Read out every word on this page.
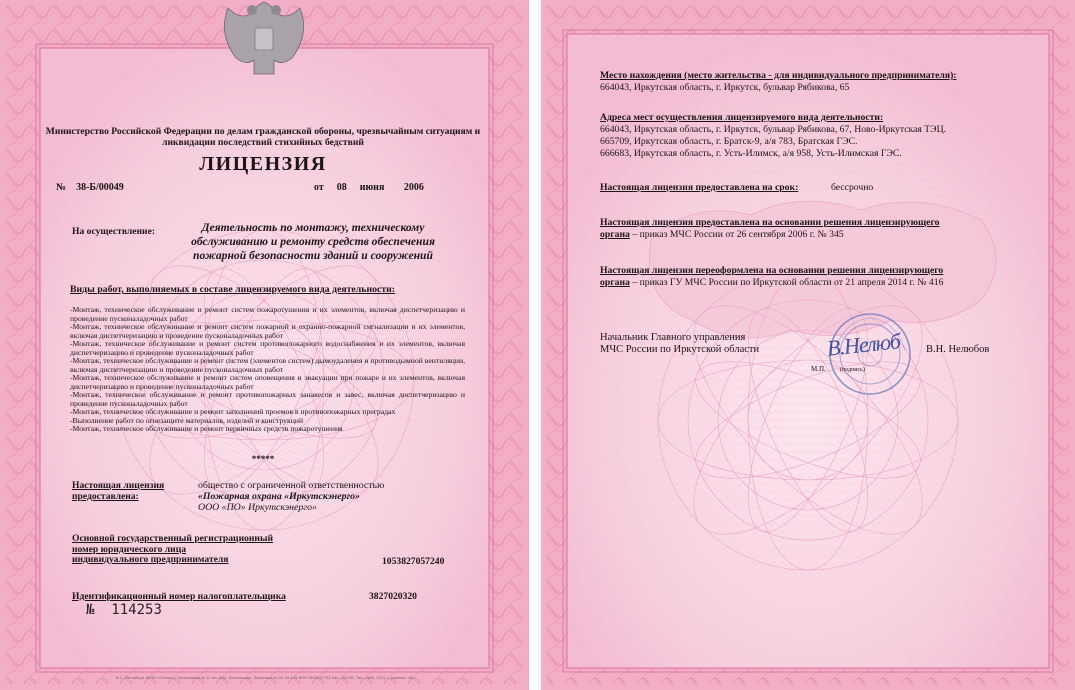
Министерство Российской Федерации по делам гражданской обороны, чрезвычайным ситуациям и ликвидации последствий стихийных бедствий
ЛИЦЕНЗИЯ
№ 38-Б/00049	от 08 июня 2006
На осуществление:	Деятельность по монтажу, техническому обслуживанию и ремонту средств обеспечения пожарной безопасности зданий и сооружений
Виды работ, выполняемых в составе лицензируемого вида деятельности:
-Монтаж, техническое обслуживание и ремонт систем пожаротушения и их элементов, включая диспетчеризацию и проведение пусконаладочных работ
-Монтаж, техническое обслуживание и ремонт систем пожарной и охранно-пожарной сигнализации и их элементов, включая диспетчеризацию и проведение пусконаладочных работ
-Монтаж, техническое обслуживание и ремонт систем противопожарного водоснабжения и их элементов, включая диспетчеризацию и проведение пусконаладочных работ
-Монтаж, техническое обслуживание и ремонт систем (элементов систем) дымоудаления и противодымной вентиляции, включая диспетчеризацию и проведение пусконаладочных работ
-Монтаж, техническое обслуживание и ремонт систем оповещения и эвакуации при пожаре и их элементов, включая диспетчеризацию и проведение пусконаладочных работ
-Монтаж, техническое обслуживание и ремонт противопожарных занавесов и завес, включая диспетчеризацию и проведение пусконаладочных работ
-Монтаж, техническое обслуживание и ремонт заполнений проемов в противопожарных преградах
-Выполнение работ по огнезащите материалов, изделий и конструкций
-Монтаж, техническое обслуживание и ремонт первичных средств пожаротушения
*****
Настоящая лицензия
предоставлена:
общество с ограниченной ответственностью
«Пожарная охрана «Иркутскэнерго»
ООО «ПО» Иркутскэнерго»
Основной государственный регистрационный
номер юридического лица
индивидуального предпринимателя	1053827057240
Идентификационный номер налогоплательщика	3827020320
№ 114253
Ф.С. Петербург ФГУП «Гознак», Типография № 12 им. М.И. Ломоносова, Лицензия 00-03-09-045 ИНН 7804037744 Зак. 100-06, Тир. 7460, 2012 г. уровень «В»
Место нахождения (место жительства - для индивидуального предпринимателя):
664043, Иркутская область, г. Иркутск, бульвар Рябикова, 65
Адреса мест осуществления лицензируемого вида деятельности:
664043, Иркутская область, г. Иркутск, бульвар Рябикова, 67, Ново-Иркутская ТЭЦ.
665709, Иркутская область, г. Братск-9, а/я 783, Братская ГЭС.
666683, Иркутская область, г. Усть-Илимск, а/я 958, Усть-Илимская ГЭС.
Настоящая лицензия предоставлена на срок:	бессрочно
Настоящая лицензия предоставлена на основании решения лицензирующего
органа – приказ МЧС России от 26 сентября 2006 г. № 345
Настоящая лицензия переоформлена на основании решения лицензирующего
органа – приказ ГУ МЧС России по Иркутской области от 21 апреля 2014 г. № 416
Начальник Главного управления
МЧС России по Иркутской области	В.Нелюб
(подпись)
М.П.
В.Н. Нелюбов
